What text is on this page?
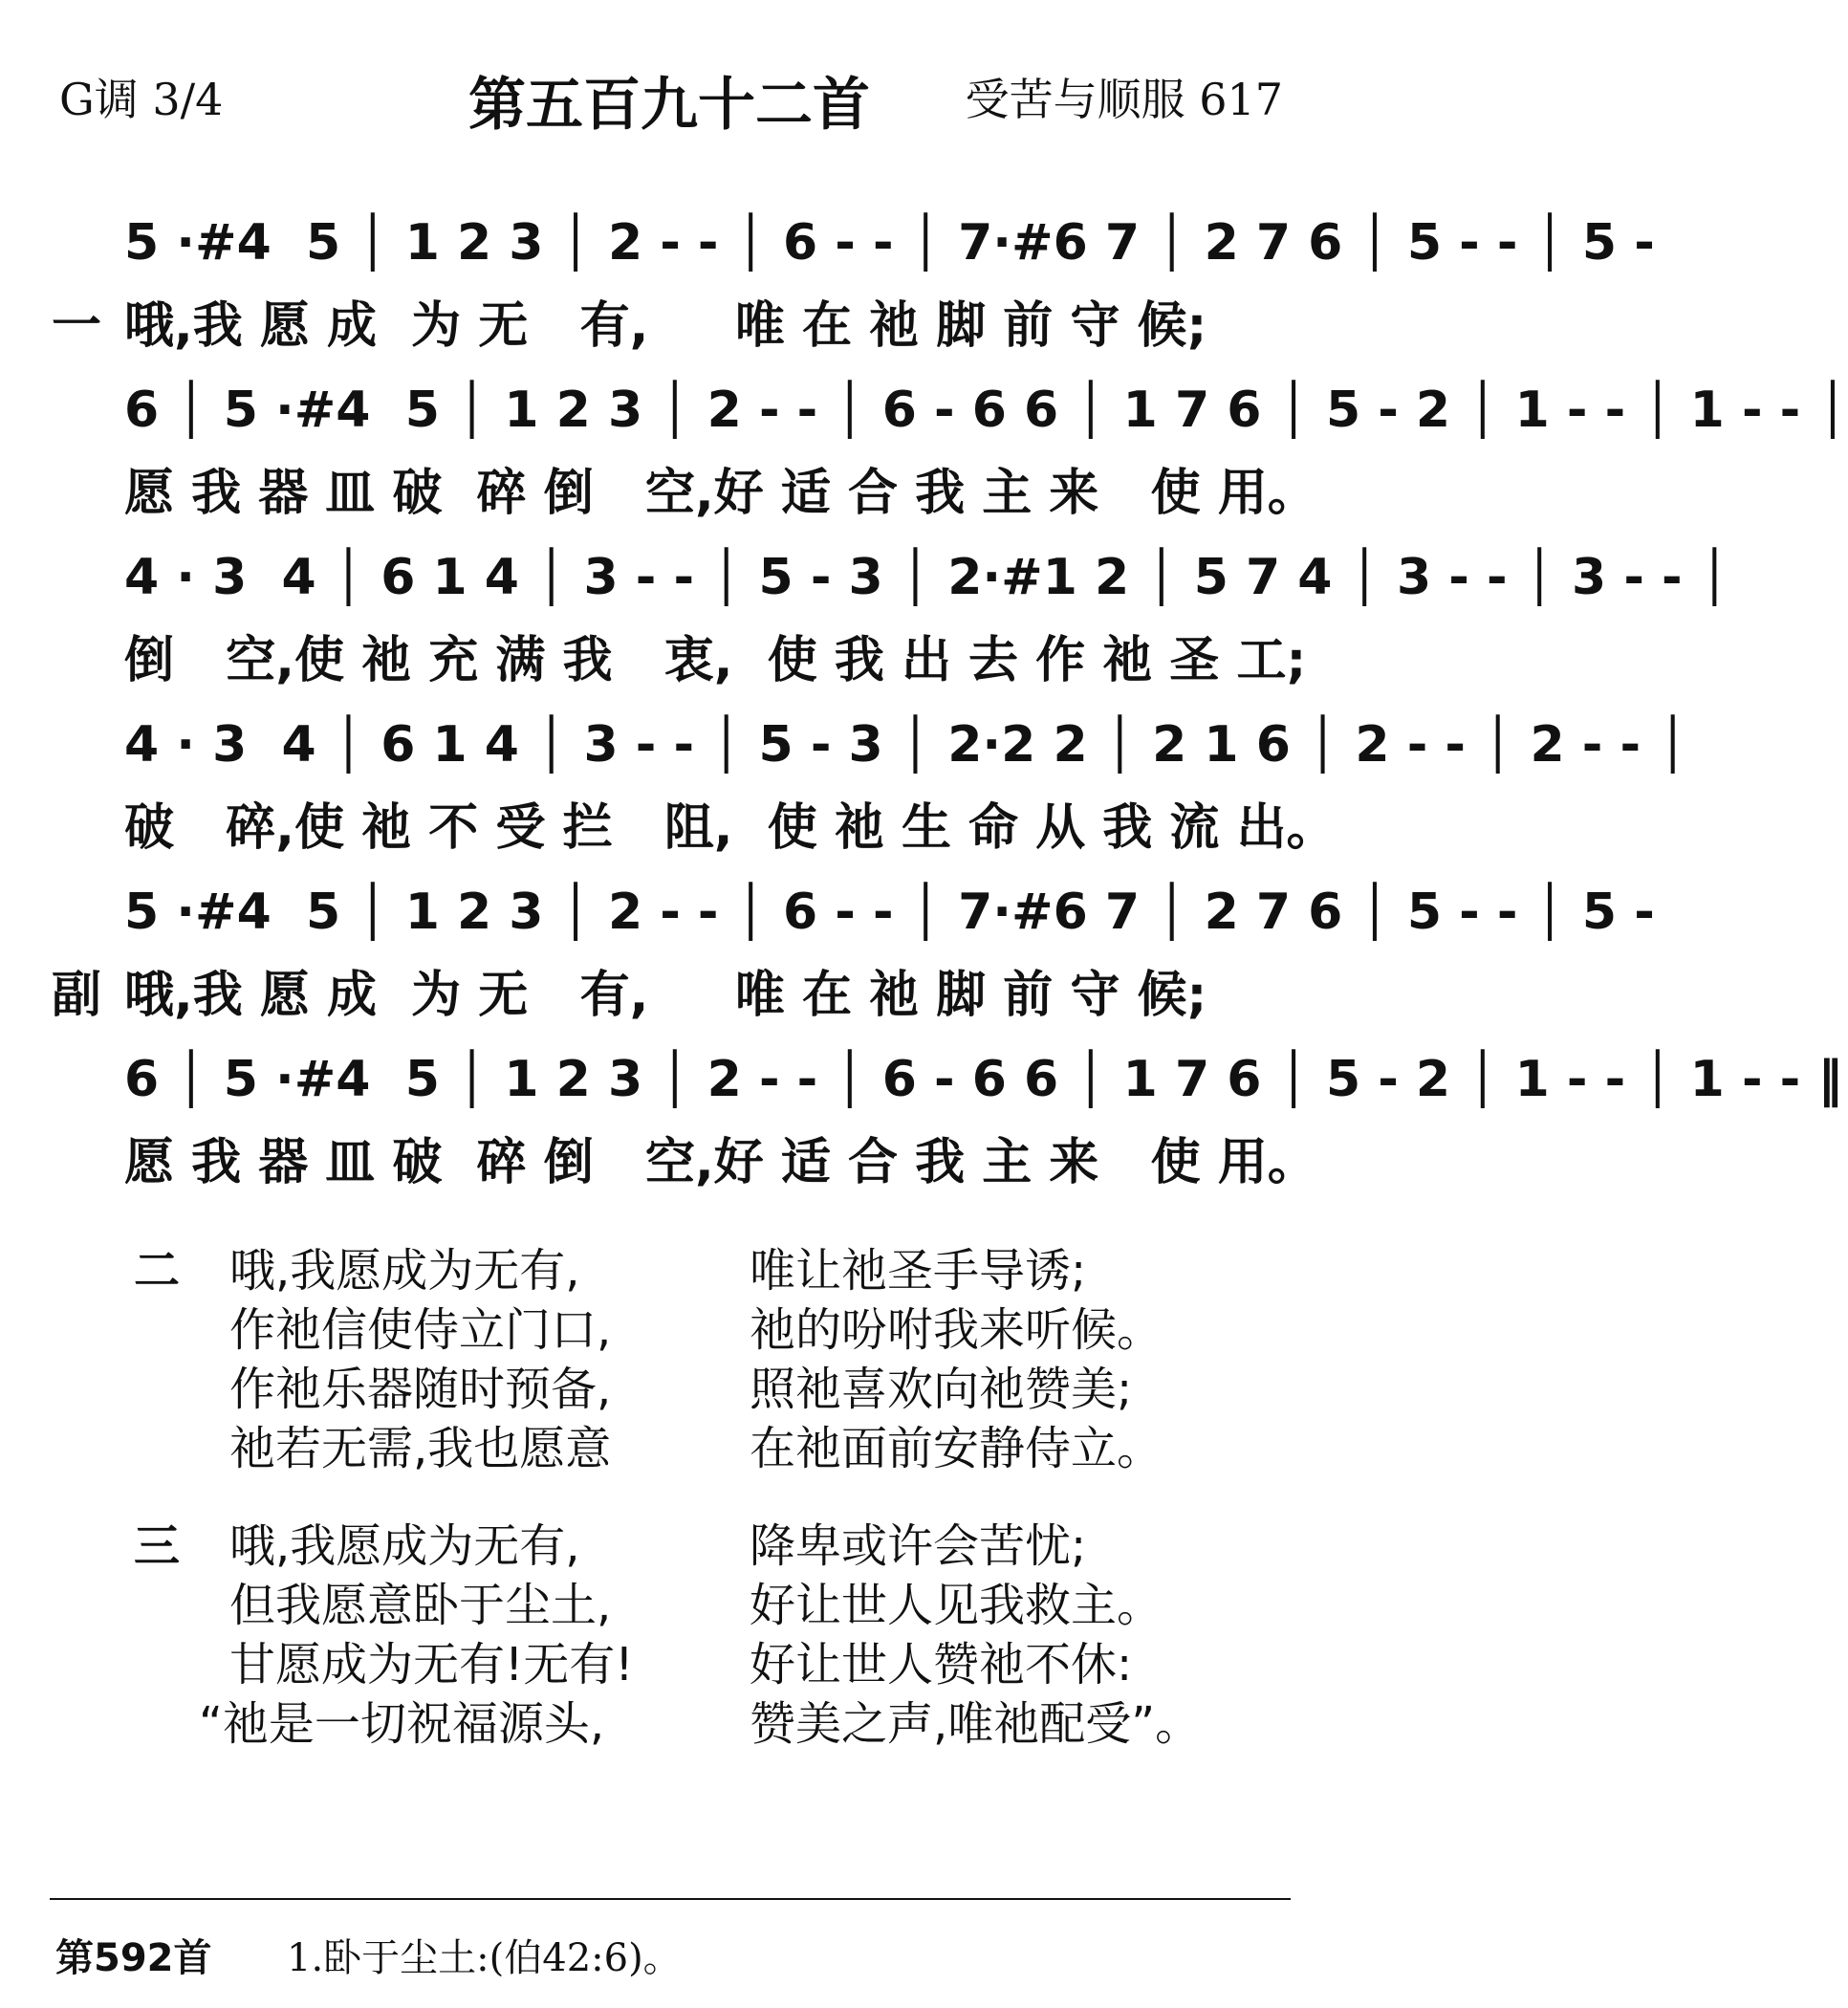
G调 3/4	第五百九十二首	受苦与顺服 617
5 ·#4  5 │ 1 2 3 │ 2 - - │ 6 - - │ 7·#6 7 │ 2 7 6 │ 5 - - │ 5 -
一 哦,我 愿 成  为 无   有,     唯 在 祂 脚 前 守 候;
6 │ 5 ·#4  5 │ 1 2 3 │ 2 - - │ 6 - 6 6 │ 1 7 6 │ 5 - 2 │ 1 - - │ 1 - - │
愿 我 器 皿 破  碎 倒   空,好 适 合 我 主 来   使 用。
4 · 3  4 │ 6 1 4 │ 3 - - │ 5 - 3 │ 2·#1 2 │ 5 7 4 │ 3 - - │ 3 - - │
倒   空,使 祂 充 满 我   衷,  使 我 出 去 作 祂 圣 工;
4 · 3  4 │ 6 1 4 │ 3 - - │ 5 - 3 │ 2·2 2 │ 2 1 6 │ 2 - - │ 2 - - │
破   碎,使 祂 不 受 拦   阻,  使 祂 生 命 从 我 流 出。
5 ·#4  5 │ 1 2 3 │ 2 - - │ 6 - - │ 7·#6 7 │ 2 7 6 │ 5 - - │ 5 -
副 哦,我 愿 成  为 无   有,     唯 在 祂 脚 前 守 候;
6 │ 5 ·#4  5 │ 1 2 3 │ 2 - - │ 6 - 6 6 │ 1 7 6 │ 5 - 2 │ 1 - - │ 1 - - ‖
愿 我 器 皿 破  碎 倒   空,好 适 合 我 主 来   使 用。
二 哦,我愿成为无有,	唯让祂圣手导诱;
作祂信使侍立门口,	祂的吩咐我来听候。
作祂乐器随时预备,	照祂喜欢向祂赞美;
祂若无需,我也愿意	在祂面前安静侍立。
三 哦,我愿成为无有,	降卑或许会苦忧;
但我愿意卧于尘土,	好让世人见我救主。
甘愿成为无有!无有!	好让世人赞祂不休:
“祂是一切祝福源头,	赞美之声,唯祂配受”。
第592首 1.卧于尘土:(伯42:6)。
